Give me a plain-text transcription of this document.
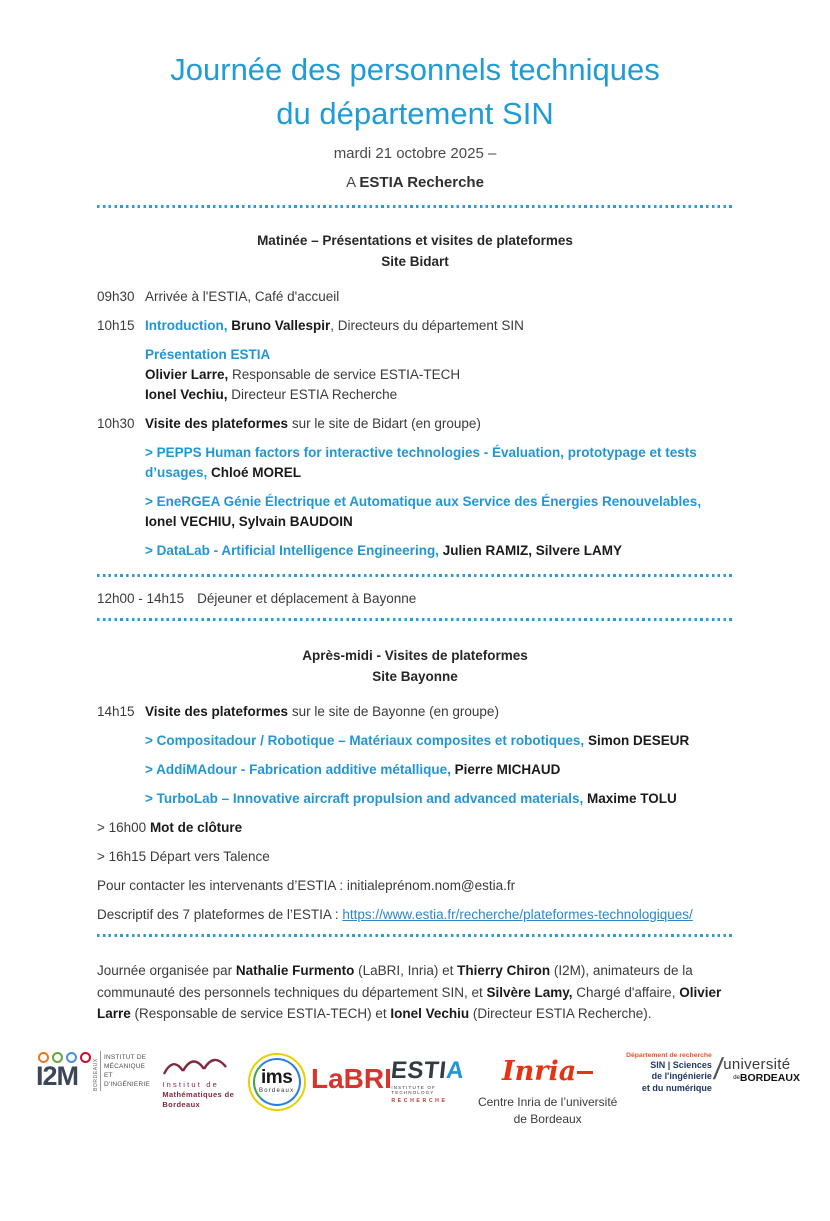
Journée des personnels techniques
du département SIN
mardi 21 octobre 2025 –
A ESTIA Recherche
Matinée – Présentations et visites de plateformes
Site Bidart
09h30 Arrivée à l'ESTIA, Café d'accueil
10h15 Introduction, Bruno Vallespir, Directeurs du département SIN
Présentation ESTIA
Olivier Larre, Responsable de service ESTIA-TECH
Ionel Vechiu, Directeur ESTIA Recherche
10h30 Visite des plateformes sur le site de Bidart (en groupe)
> PEPPS Human factors for interactive technologies - Évaluation, prototypage et tests d’usages, Chloé MOREL
> EneRGEA Génie Électrique et Automatique aux Service des Énergies Renouvelables, Ionel VECHIU, Sylvain BAUDOIN
> DataLab - Artificial Intelligence Engineering, Julien RAMIZ, Silvere LAMY
12h00 - 14h15 Déjeuner et déplacement à Bayonne
Après-midi - Visites de plateformes
Site Bayonne
14h15 Visite des plateformes sur le site de Bayonne (en groupe)
> Compositadour / Robotique – Matériaux composites et robotiques, Simon DESEUR
> AddiMAdour - Fabrication additive métallique, Pierre MICHAUD
> TurboLab – Innovative aircraft propulsion and advanced materials, Maxime TOLU
> 16h00 Mot de clôture
> 16h15 Départ vers Talence
Pour contacter les intervenants d’ESTIA : initialeprénom.nom@estia.fr
Descriptif des 7 plateformes de l’ESTIA : https://www.estia.fr/recherche/plateformes-technologiques/
Journée organisée par Nathalie Furmento (LaBRI, Inria) et Thierry Chiron (I2M), animateurs de la communauté des personnels techniques du département SIN, et Silvère Lamy, Chargé d'affaire, Olivier Larre (Responsable de service ESTIA-TECH) et Ionel Vechiu (Directeur ESTIA Recherche).
I2M	BORDEAUX
INSTITUT DE
MÉCANIQUE
ET D'INGÉNIERIE	Institut de
Mathématiques de
Bordeaux
ims
Bordeaux LaBRI
ESTIA
INSTITUTE OF TECHNOLOGY
RECHERCHE
Inria
Centre Inria de l’université
de Bordeaux
Département de recherche
SIN | Sciences
de l'ingénierie
et du numérique
/
université
deBORDEAUX
